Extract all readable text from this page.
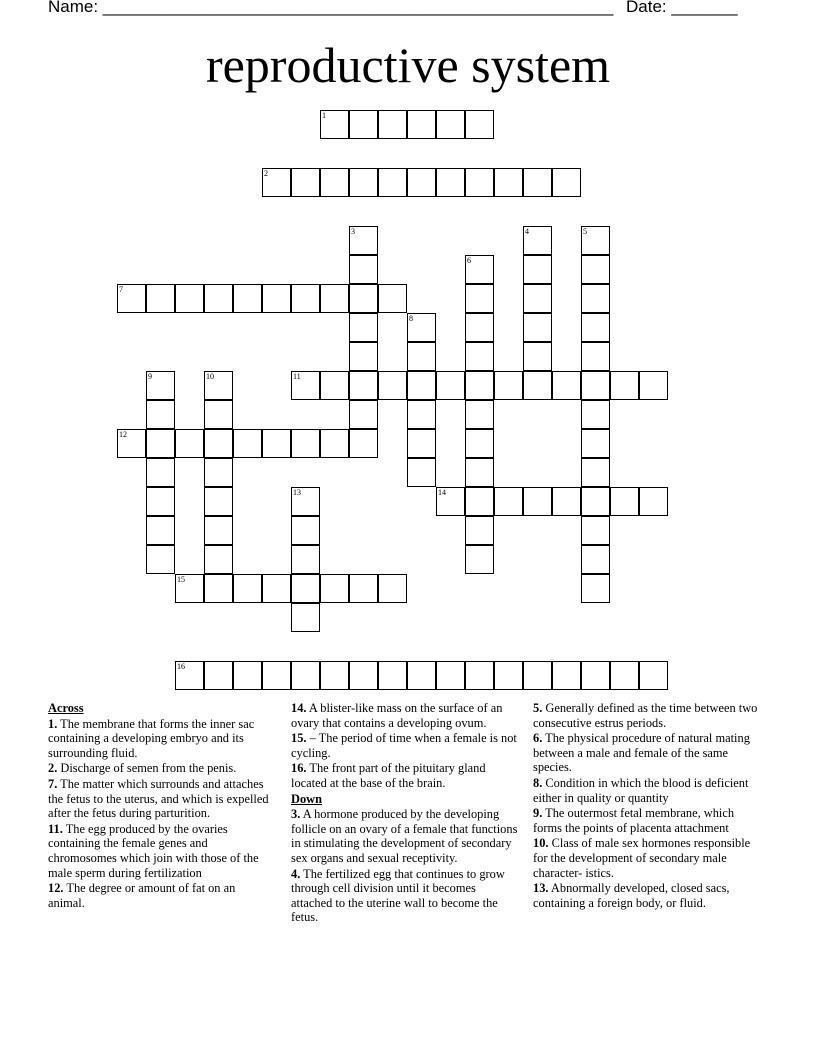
Name: ______________________________________________________ Date: _______
reproductive system
1
2
3	4	5
6
7
8
9	10	11
12
13	14
15
16
Across
1. The membrane that forms the inner sac containing a developing embryo and its surrounding fluid.
2. Discharge of semen from the penis.
7. The matter which surrounds and attaches the fetus to the uterus, and which is expelled after the fetus during parturition.
11. The egg produced by the ovaries containing the female genes and chromosomes which join with those of the male sperm during fertilization
12. The degree or amount of fat on an animal.
14. A blister-like mass on the surface of an ovary that contains a developing ovum.
15. – The period of time when a female is not cycling.
16. The front part of the pituitary gland located at the base of the brain.
Down
3. A hormone produced by the developing follicle on an ovary of a female that functions in stimulating the development of secondary sex organs and sexual receptivity.
4. The fertilized egg that continues to grow through cell division until it becomes attached to the uterine wall to become the fetus.
5. Generally defined as the time between two consecutive estrus periods.
6. The physical procedure of natural mating between a male and female of the same species.
8. Condition in which the blood is deficient either in quality or quantity
9. The outermost fetal membrane, which forms the points of placenta attachment
10. Class of male sex hormones responsible for the development of secondary male character- istics.
13. Abnormally developed, closed sacs, containing a foreign body, or fluid.
